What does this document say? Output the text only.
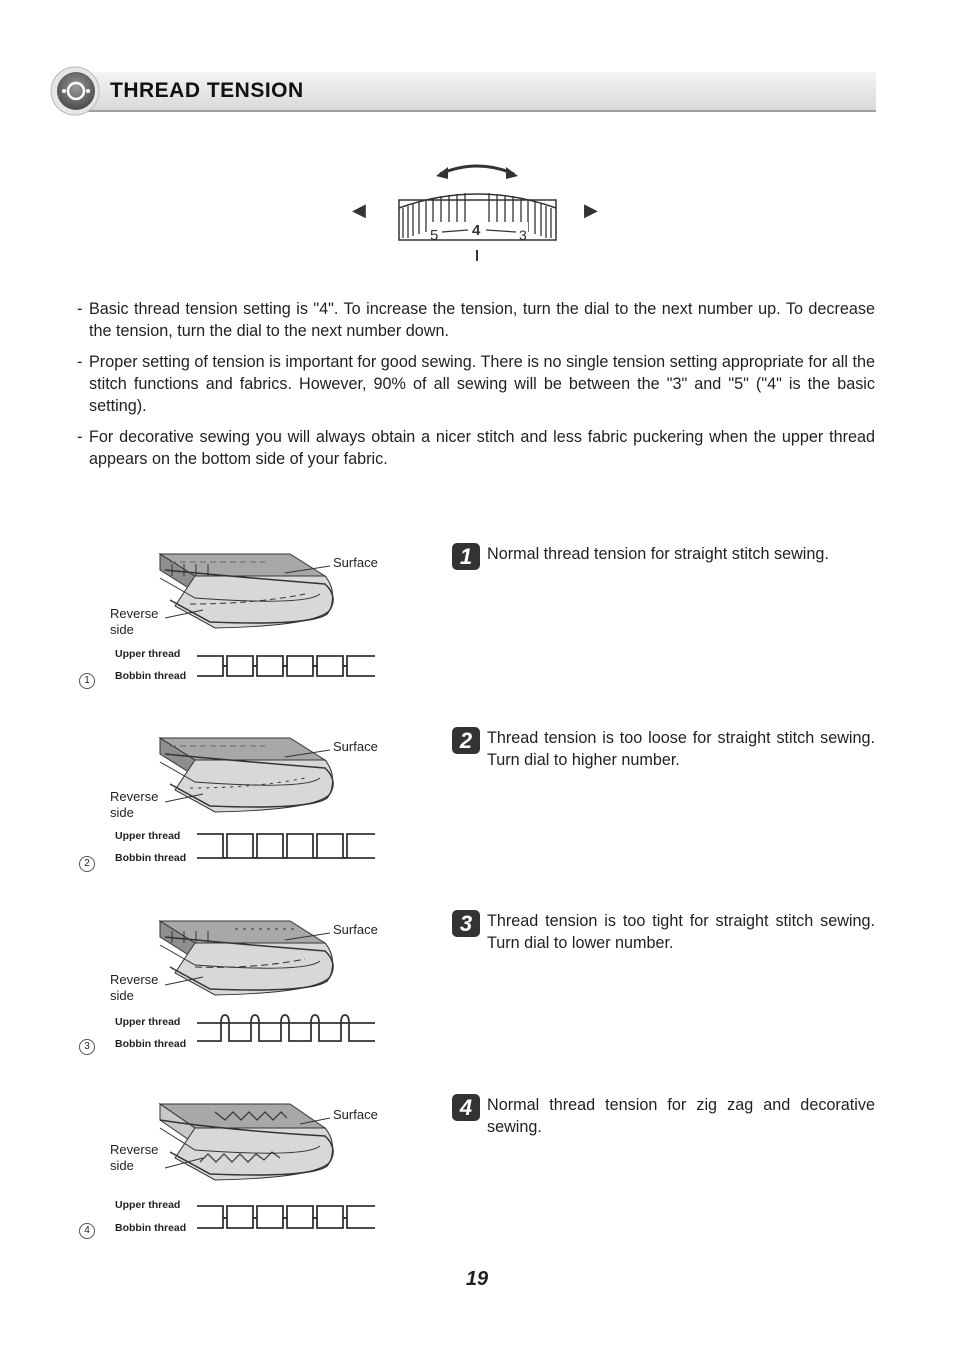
THREAD TENSION
◀	▶
5 4	3
- Basic thread tension setting is "4". To increase the tension, turn the dial to the next number up. To decrease the tension, turn the dial to the next number down.
- Proper setting of tension is important for good sewing. There is no single tension setting appropriate for all the stitch functions and fabrics. However, 90% of all sewing will be between the "3" and "5" ("4" is the basic setting).
- For decorative sewing you will always obtain a nicer stitch and less fabric puckering when the upper thread appears on the bottom side of your fabric.
Surface
Reverse side
Upper thread
Bobbin thread
1
Surface
Reverse side
Upper thread
Bobbin thread
2
Surface
Reverse side
Upper thread
Bobbin thread
3
Surface
Reverse side
Upper thread
Bobbin thread
4
1 Normal thread tension for straight stitch sewing.
2 Thread tension is too loose for straight stitch sewing. Turn dial to higher number.
3 Thread tension is too tight for straight stitch sewing. Turn dial to lower number.
4 Normal thread tension for zig zag and decorative sewing.
19
